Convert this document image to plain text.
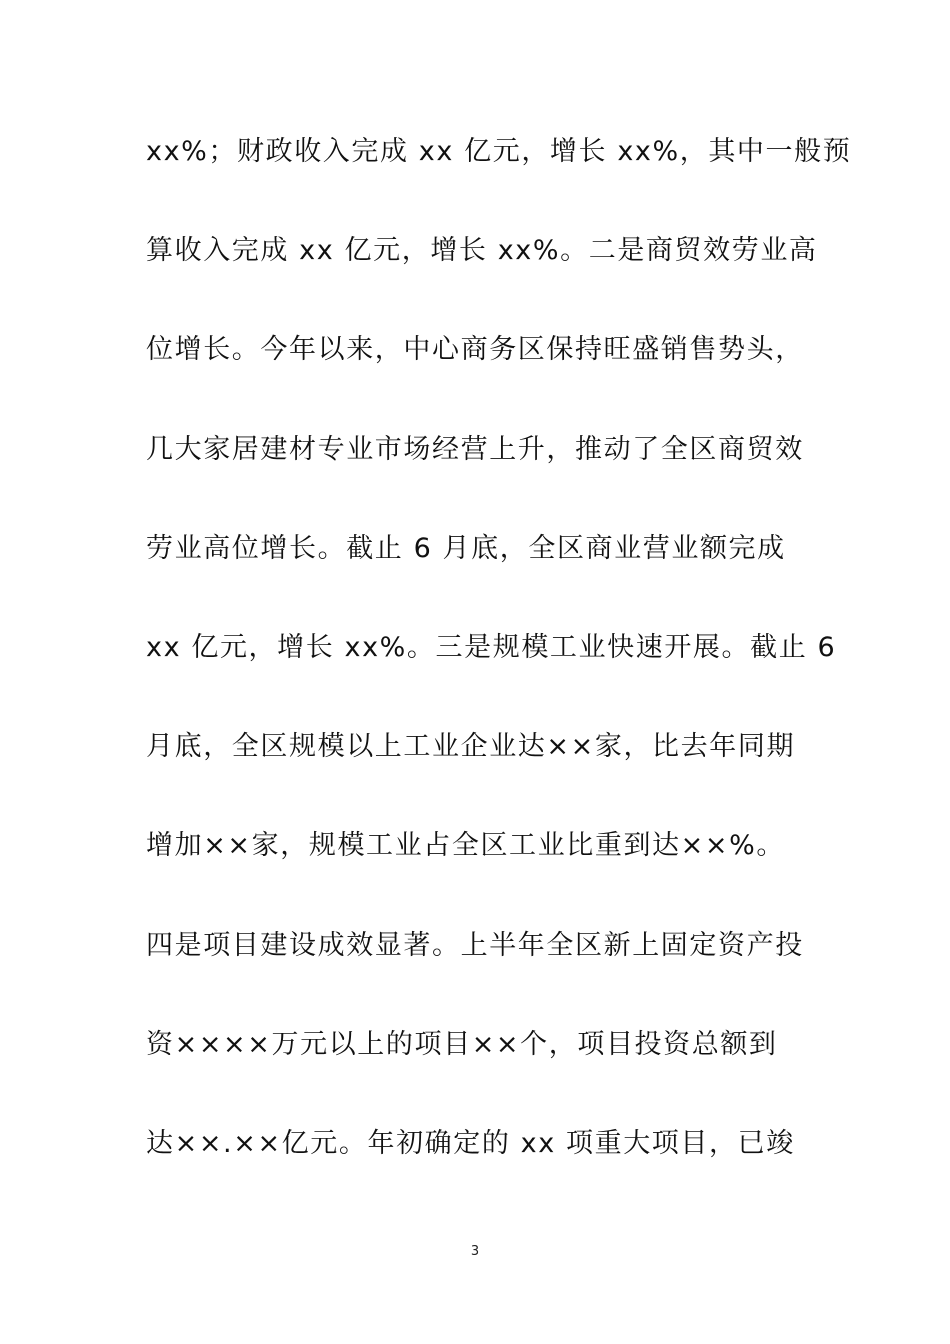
xx%；财政收入完成 xx 亿元，增长 xx%，其中一般预
算收入完成 xx 亿元，增长 xx%。二是商贸效劳业高
位增长。今年以来，中心商务区保持旺盛销售势头，
几大家居建材专业市场经营上升，推动了全区商贸效
劳业高位增长。截止 6 月底，全区商业营业额完成
xx 亿元，增长 xx%。三是规模工业快速开展。截止 6
月底，全区规模以上工业企业达××家，比去年同期
增加××家，规模工业占全区工业比重到达××%。
四是项目建设成效显著。上半年全区新上固定资产投
资××××万元以上的项目××个，项目投资总额到
达××.××亿元。年初确定的 xx 项重大项目，已竣
3
